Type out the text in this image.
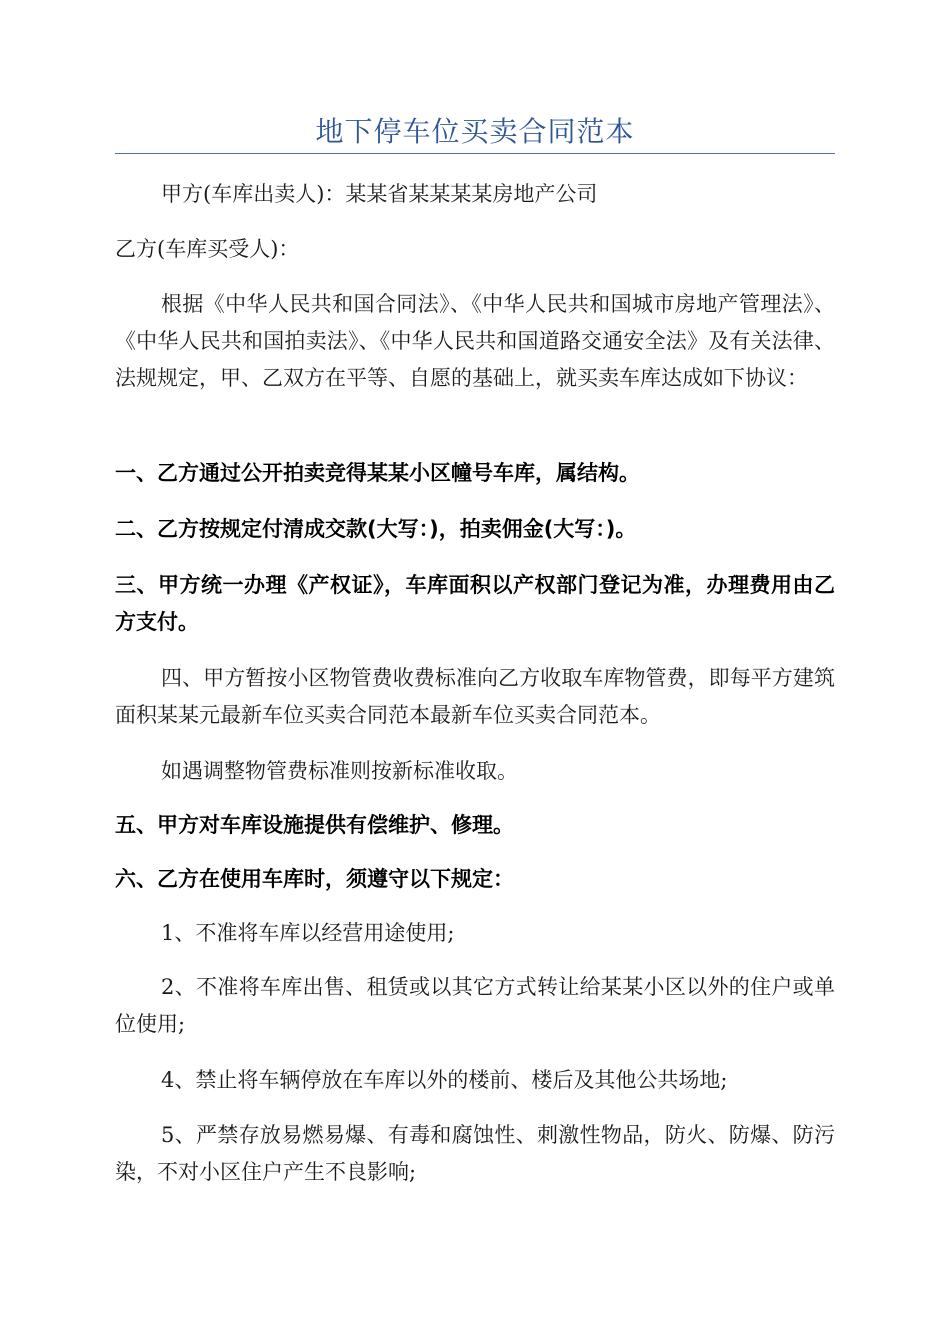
地下停车位买卖合同范本

甲方(车库出卖人)：某某省某某某某房地产公司

乙方(车库买受人)：

根据《中华人民共和国合同法》、《中华人民共和国城市房地产管理法》、《中华人民共和国拍卖法》、《中华人民共和国道路交通安全法》及有关法律、法规规定，甲、乙双方在平等、自愿的基础上，就买卖车库达成如下协议：

一、乙方通过公开拍卖竞得某某小区幢号车库，属结构。

二、乙方按规定付清成交款(大写：)，拍卖佣金(大写：)。

三、甲方统一办理《产权证》，车库面积以产权部门登记为准，办理费用由乙方支付。

四、甲方暂按小区物管费收费标准向乙方收取车库物管费，即每平方建筑面积某某元最新车位买卖合同范本最新车位买卖合同范本。

如遇调整物管费标准则按新标准收取。

五、甲方对车库设施提供有偿维护、修理。

六、乙方在使用车库时，须遵守以下规定：

1、不准将车库以经营用途使用;

2、不准将车库出售、租赁或以其它方式转让给某某小区以外的住户或单位使用;

4、禁止将车辆停放在车库以外的楼前、楼后及其他公共场地;

5、严禁存放易燃易爆、有毒和腐蚀性、刺激性物品，防火、防爆、防污染，不对小区住户产生不良影响;
